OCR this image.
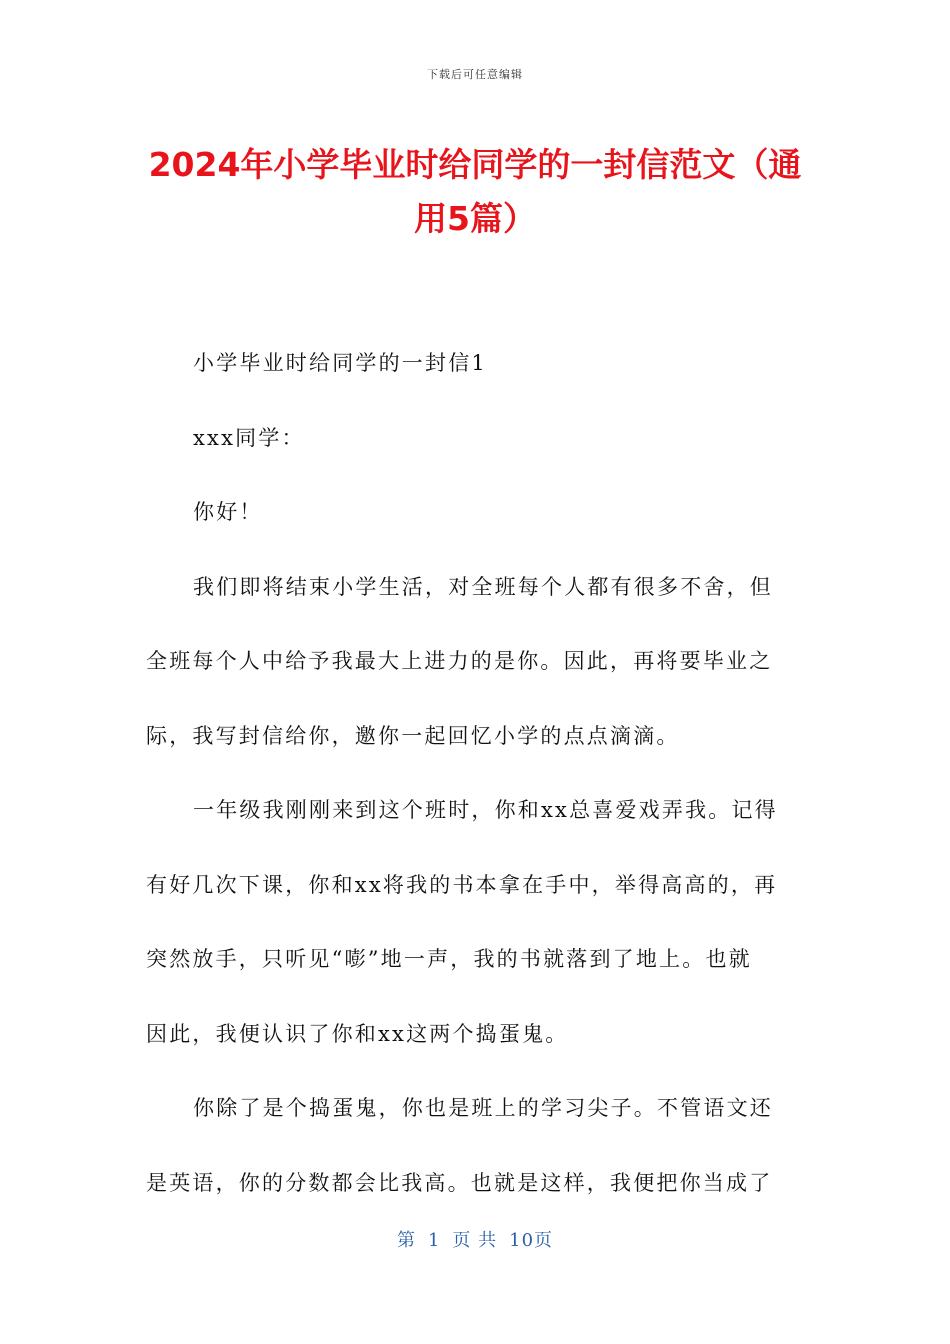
下载后可任意编辑
2024年小学毕业时给同学的一封信范文（通
用5篇）

小学毕业时给同学的一封信1

xxx同学：

你好！

我们即将结束小学生活，对全班每个人都有很多不舍，但
全班每个人中给予我最大上进力的是你。因此，再将要毕业之
际，我写封信给你，邀你一起回忆小学的点点滴滴。

一年级我刚刚来到这个班时，你和xx总喜爱戏弄我。记得
有好几次下课，你和xx将我的书本拿在手中，举得高高的，再
突然放手，只听见“嘭”地一声，我的书就落到了地上。也就
因此，我便认识了你和xx这两个捣蛋鬼。

你除了是个捣蛋鬼，你也是班上的学习尖子。不管语文还
是英语，你的分数都会比我高。也就是这样，我便把你当成了

第 1 页 共 10页
